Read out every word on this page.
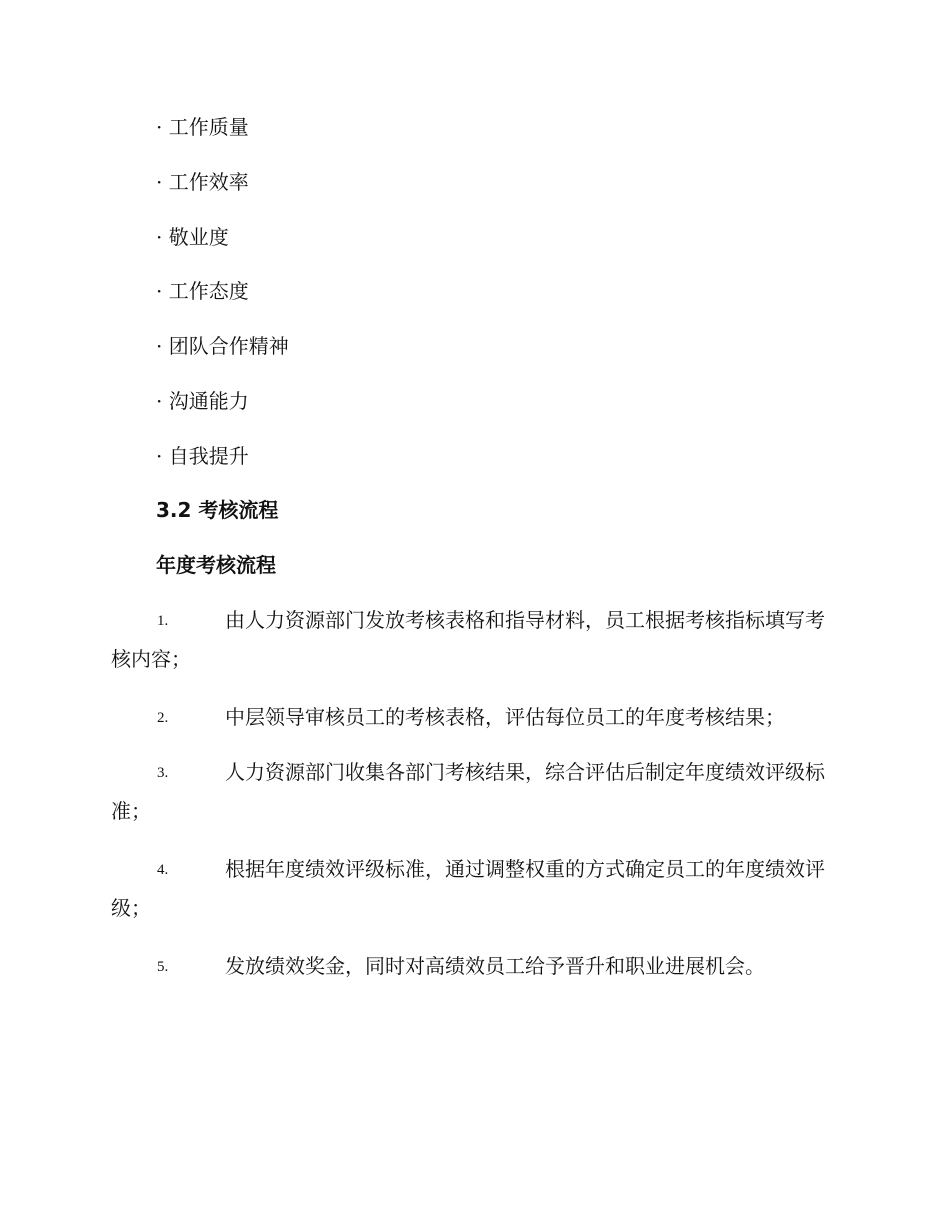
· 工作质量
· 工作效率
· 敬业度
· 工作态度
· 团队合作精神
· 沟通能力
· 自我提升
3.2 考核流程
年度考核流程
1.	由人力资源部门发放考核表格和指导材料，员工根据考核指标填写考核内容；

2.	中层领导审核员工的考核表格，评估每位员工的年度考核结果；

3.	人力资源部门收集各部门考核结果，综合评估后制定年度绩效评级标准；

4.	根据年度绩效评级标准，通过调整权重的方式确定员工的年度绩效评级；

5.	发放绩效奖金，同时对高绩效员工给予晋升和职业进展机会。
